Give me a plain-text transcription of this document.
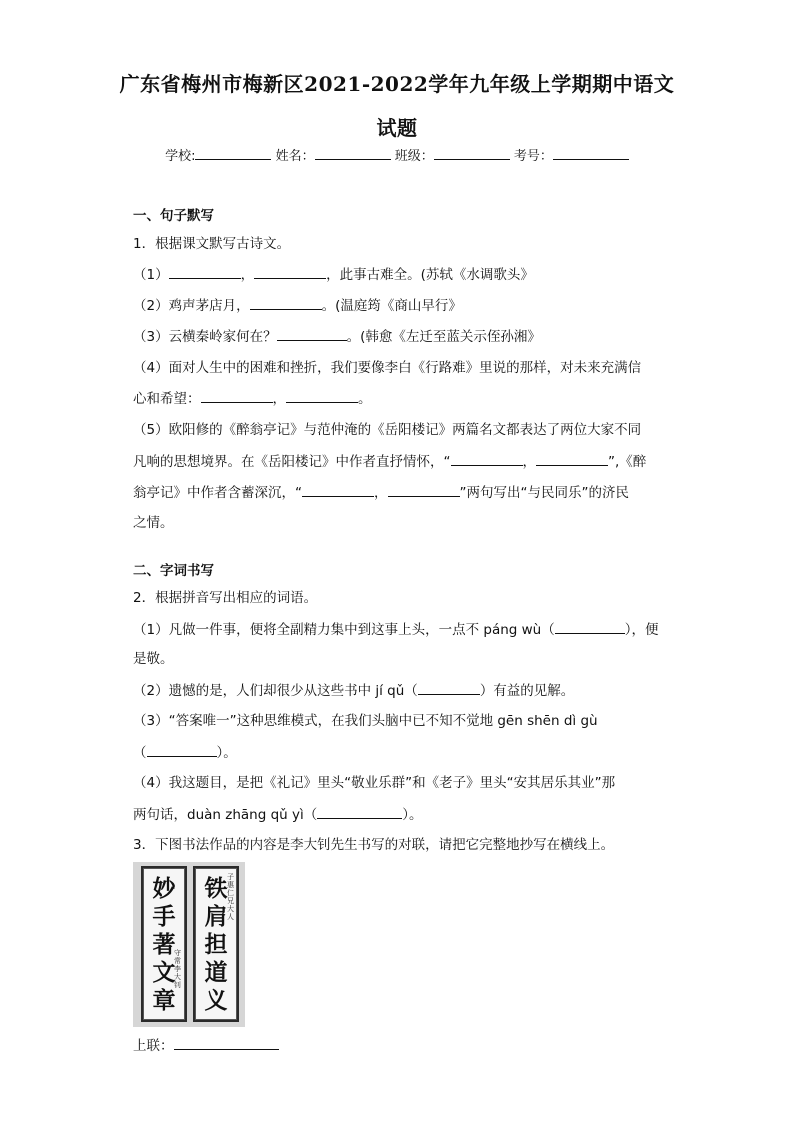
广东省梅州市梅新区2021-2022学年九年级上学期期中语文
试题
学校:	姓名：	班级：	考号：
一、句子默写
1．根据课文默写古诗文。
（1）	，	，此事古难全。(苏轼《水调歌头》
（2）鸡声茅店月，	。(温庭筠《商山早行》
（3）云横秦岭家何在？	。(韩愈《左迁至蓝关示侄孙湘》
（4）面对人生中的困难和挫折，我们要像李白《行路难》里说的那样，对未来充满信
心和希望：	，	。
（5）欧阳修的《醉翁亭记》与范仲淹的《岳阳楼记》两篇名文都表达了两位大家不同
凡响的思想境界。在《岳阳楼记》中作者直抒情怀，“	，	”,《醉
翁亭记》中作者含蓄深沉，“	，	”两句写出“与民同乐”的济民
之情。
二、字词书写
2．根据拼音写出相应的词语。
（1）凡做一件事，便将全副精力集中到这事上头，一点不 páng wù（	），便
是敬。
（2）遗憾的是，人们却很少从这些书中 jí qǔ（	）有益的见解。
（3）“答案唯一”这种思维模式，在我们头脑中已不知不觉地 gēn shēn dì gù
（	）。
（4）我这题目，是把《礼记》里头“敬业乐群”和《老子》里头“安其居乐其业”那
两句话，duàn zhāng qǔ yì（	）。
3．下图书法作品的内容是李大钊先生书写的对联，请把它完整地抄写在横线上。
妙手著文章
守常李大钊
铁肩担道义
子惠仁兄大人
上联：
